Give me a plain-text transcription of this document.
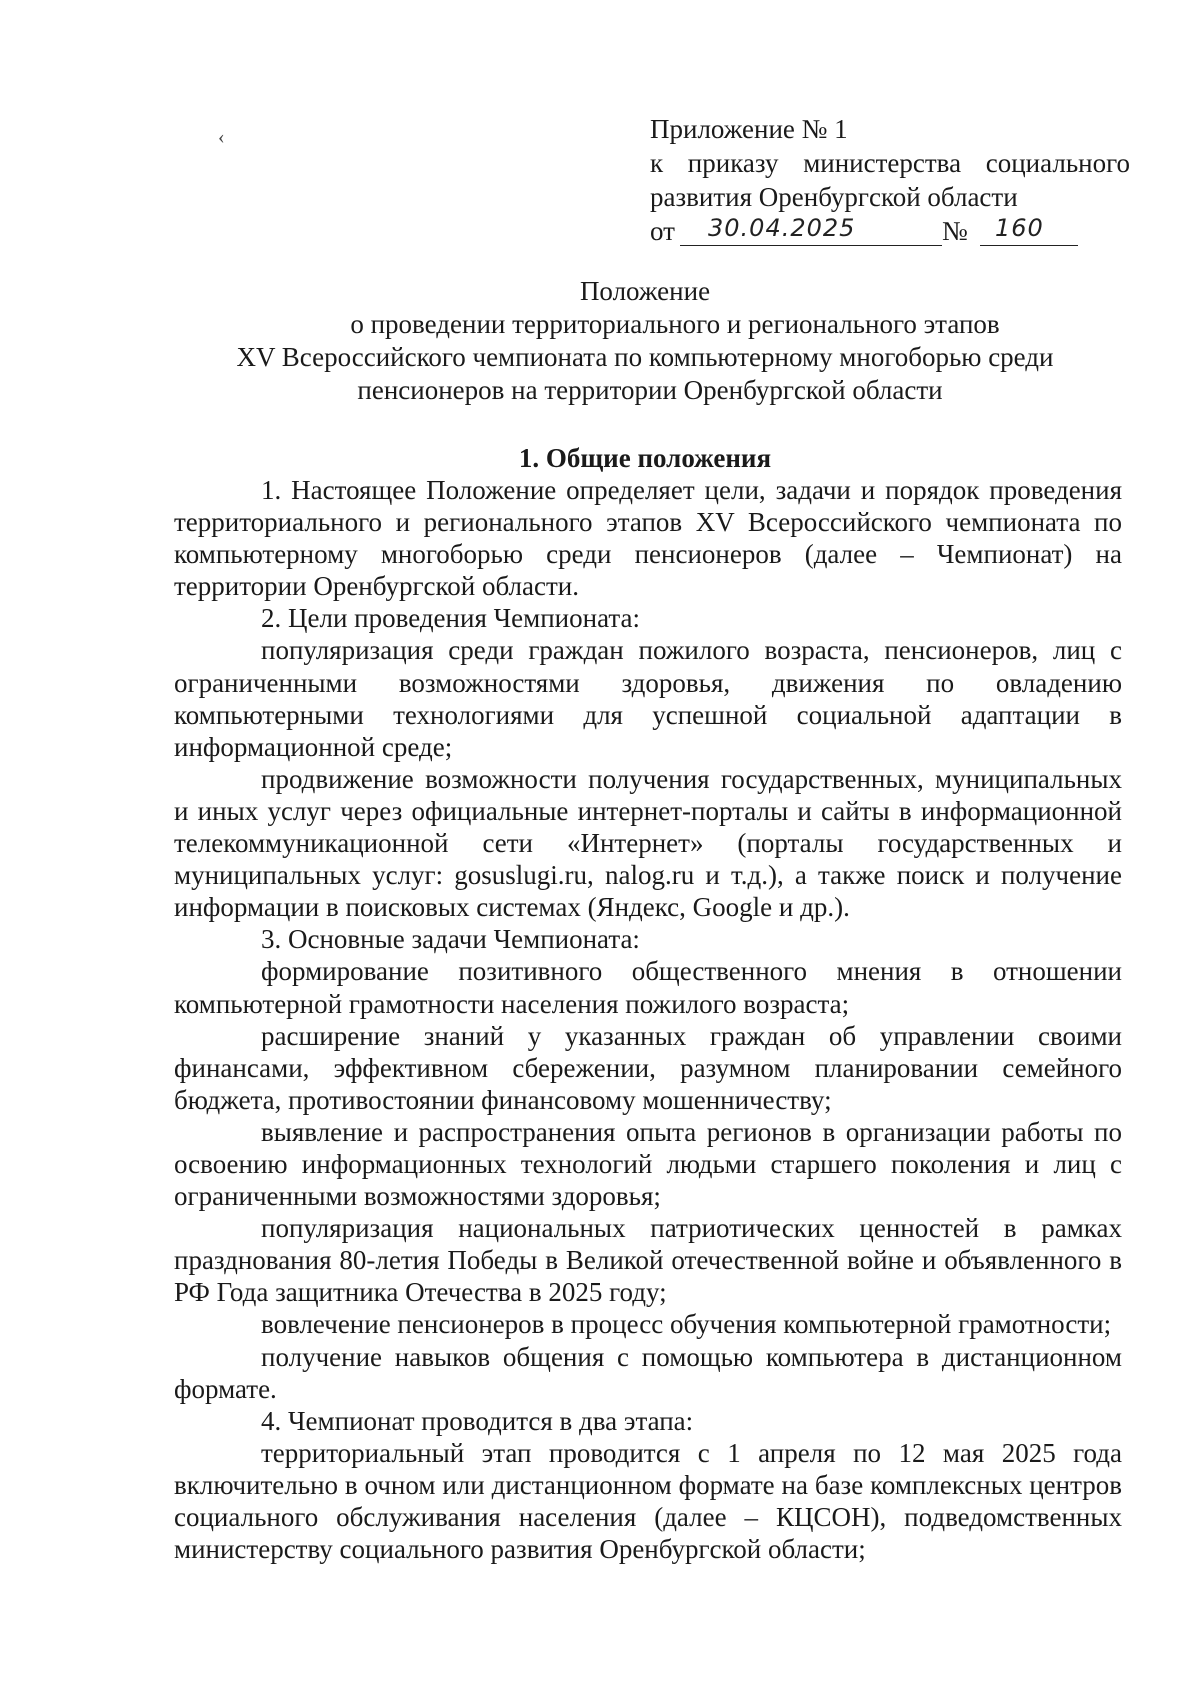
‹	Приложение № 1
к приказу министерства социального
развития Оренбургской области
от 30.04.2025	№ 160
Положение
о проведении территориального и регионального этапов
XV Всероссийского чемпионата по компьютерному многоборью среди
пенсионеров на территории Оренбургской области
1. Общие положения

1. Настоящее Положение определяет цели, задачи и порядок проведения территориального и регионального этапов XV Всероссийского чемпионата по компьютерному многоборью среди пенсионеров (далее – Чемпионат) на территории Оренбургской области.

2. Цели проведения Чемпионата:

популяризация среди граждан пожилого возраста, пенсионеров, лиц с ограниченными возможностями здоровья, движения по овладению компьютерными технологиями для успешной социальной адаптации в информационной среде;

продвижение возможности получения государственных, муниципальных и иных услуг через официальные интернет-порталы и сайты в информационной телекоммуникационной сети «Интернет» (порталы государственных и муниципальных услуг: gosuslugi.ru, nalog.ru и т.д.), а также поиск и получение информации в поисковых системах (Яндекс, Google и др.).

3. Основные задачи Чемпионата:

формирование позитивного общественного мнения в отношении компьютерной грамотности населения пожилого возраста;

расширение знаний у указанных граждан об управлении своими финансами, эффективном сбережении, разумном планировании семейного бюджета, противостоянии финансовому мошенничеству;

выявление и распространения опыта регионов в организации работы по освоению информационных технологий людьми старшего поколения и лиц с ограниченными возможностями здоровья;

популяризация национальных патриотических ценностей в рамках празднования 80-летия Победы в Великой отечественной войне и объявленного в РФ Года защитника Отечества в 2025 году;

вовлечение пенсионеров в процесс обучения компьютерной грамотности;

получение навыков общения с помощью компьютера в дистанционном формате.

4. Чемпионат проводится в два этапа:

территориальный этап проводится с 1 апреля по 12 мая 2025 года включительно в очном или дистанционном формате на базе комплексных центров социального обслуживания населения (далее – КЦСОН), подведомственных министерству социального развития Оренбургской области;
